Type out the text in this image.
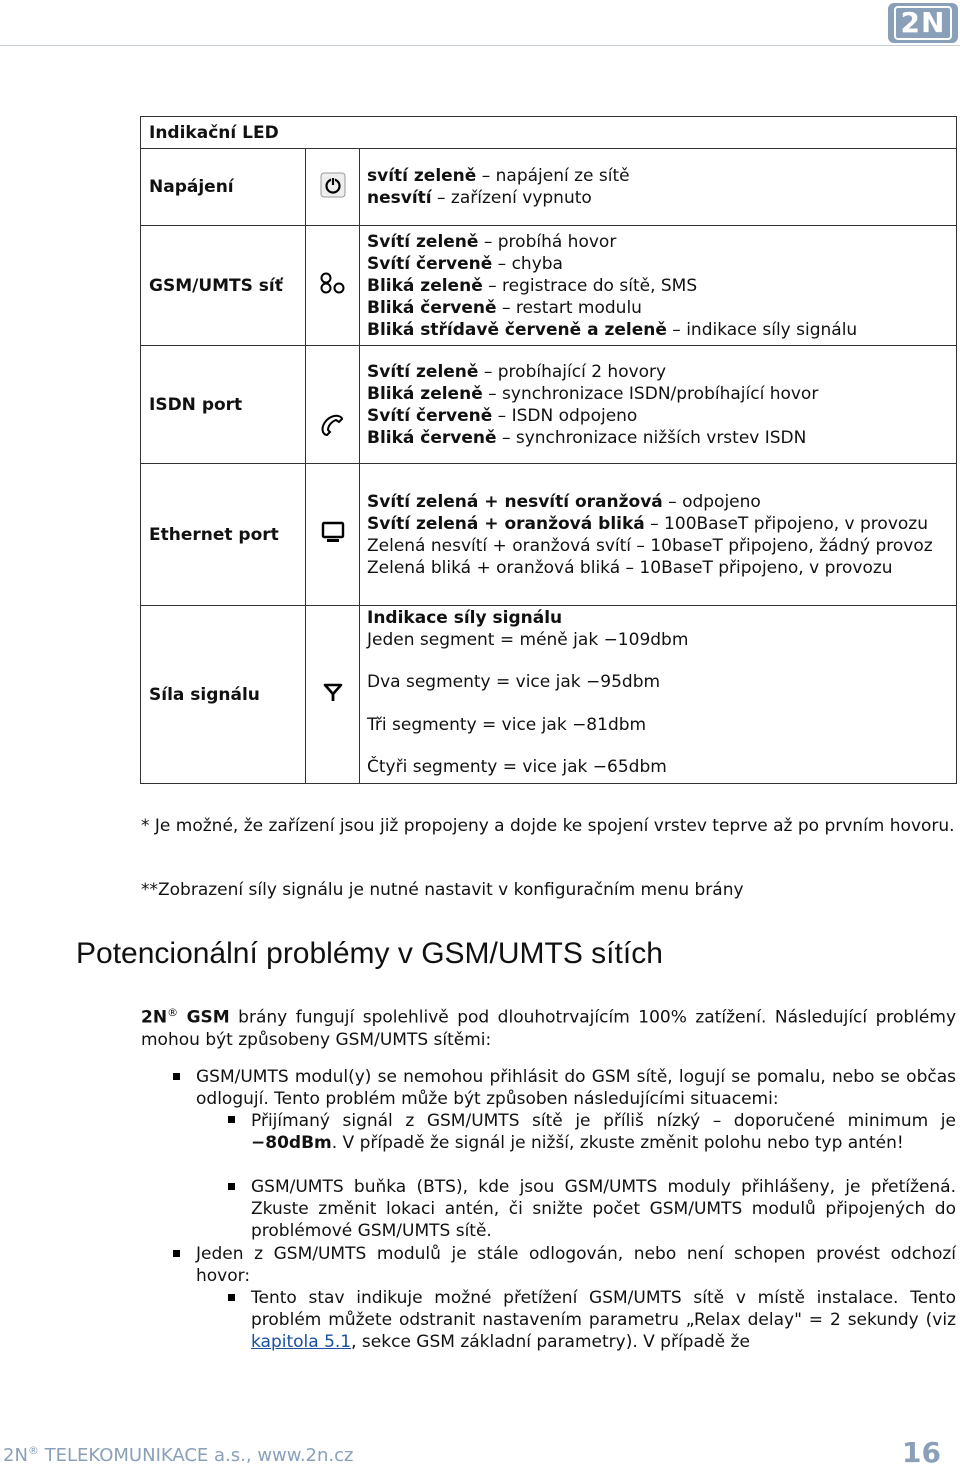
2N
Indikační LED		
Napájení		svítí zeleně – napájení ze sítě
nesvítí – zařízení vypnuto

GSM/UMTS síť		Svítí zeleně – probíhá hovor
Svítí červeně – chyba
Bliká zeleně – registrace do sítě, SMS
Bliká červeně – restart modulu
Bliká střídavě červeně a zeleně – indikace síly signálu

ISDN port		Svítí zeleně – probíhající 2 hovory
Bliká zeleně – synchronizace ISDN/probíhající hovor
Svítí červeně – ISDN odpojeno
Bliká červeně – synchronizace nižších vrstev ISDN

Ethernet port		Svítí zelená + nesvítí oranžová – odpojeno
Svítí zelená + oranžová bliká – 100BaseT připojeno, v provozu
Zelená nesvítí + oranžová svítí – 10baseT připojeno, žádný provoz
Zelená bliká + oranžová bliká – 10BaseT připojeno, v provozu

Síla signálu		Indikace síly signálu
Jeden segment = méně jak −109dbm
Dva segmenty = vice jak −95dbm
Tři segmenty = vice jak −81dbm
Čtyři segmenty = vice jak −65dbm
* Je možné, že zařízení jsou již propojeny a dojde ke spojení vrstev teprve až po prvním hovoru.
**Zobrazení síly signálu je nutné nastavit v konfiguračním menu brány
Potencionální problémy v GSM/UMTS sítích
2N® GSM brány fungují spolehlivě pod dlouhotrvajícím 100% zatížení. Následující problémy mohou být způsobeny GSM/UMTS sítěmi:
GSM/UMTS modul(y) se nemohou přihlásit do GSM sítě, logují se pomalu, nebo se občas odlogují. Tento problém může být způsoben následujícími situacemi:
Přijímaný signál z GSM/UMTS sítě je příliš nízký – doporučené minimum je −80dBm. V případě že signál je nižší, zkuste změnit polohu nebo typ antén!
GSM/UMTS buňka (BTS), kde jsou GSM/UMTS moduly přihlášeny, je přetížená. Zkuste změnit lokaci antén, či snižte počet GSM/UMTS modulů připojených do problémové GSM/UMTS sítě.
Jeden z GSM/UMTS modulů je stále odlogován, nebo není schopen provést odchozí hovor:
Tento stav indikuje možné přetížení GSM/UMTS sítě v místě instalace. Tento problém můžete odstranit nastavením parametru „Relax delay" = 2 sekundy (viz kapitola 5.1, sekce GSM základní parametry). V případě že
2N® TELEKOMUNIKACE a.s., www.2n.cz	16
